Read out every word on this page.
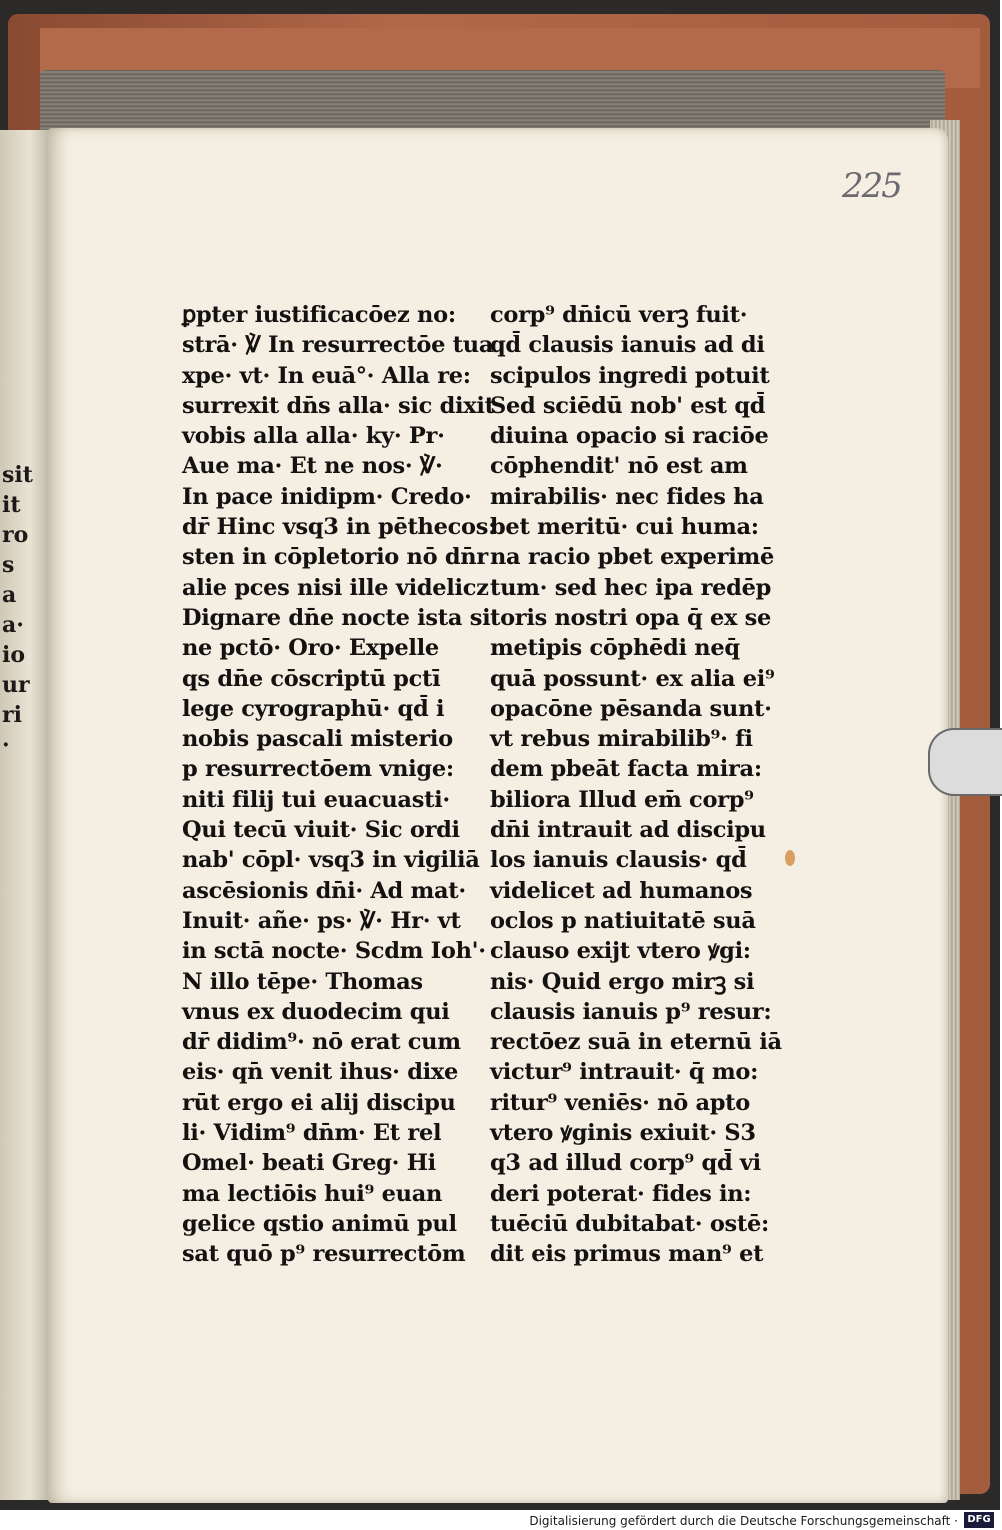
sit
it
ro
s
a
a·
io
ur
ri
·
225
ꝑpter iustificacōez no:
strā· ℣ In resurrectōe tua
xpe· vt· In euā°· Alla re:
surrexit dn̄s alla· sic dixit
vobis alla alla· ky· Pr·
Aue ma· Et ne nos· ℣·
In pace inidipm· Credo·
dr̄ Hinc vsq3 in pēthecos:
sten in cōpletorio nō dn̄r
alie pces nisi ille videlicz
Dignare dn̄e nocte ista si
ne pctō· Oro· Expelle
qs dn̄e cōscriptū pctī
lege cyrographū· qd̄ i
nobis pascali misterio
p resurrectōem vnige:
niti filij tui euacuasti·
Qui tecū viuit· Sic ordi
nab' cōpl· vsq3 in vigiliā
ascēsionis dn̄i· Ad mat·
Inuit· añe· ps· ℣· Hr· vt
in sctā nocte· Scdm Ioh'·
N illo tēpe· Thomas
vnus ex duodecim qui
dr̄ didim⁹· nō erat cum
eis· qn̄ venit ihus· dixe
rūt ergo ei alij discipu
li· Vidim⁹ dn̄m· Et rel
Omel· beati Greg· Hi
ma lectiōis hui⁹ euan
gelice qstio animū pul
sat quō p⁹ resurrectōm
corp⁹ dn̄icū verꝫ fuit·
qd̄ clausis ianuis ad di
scipulos ingredi potuit
Sed sciēdū nob' est qd̄
diuina opacio si raciōe
cōphendit' nō est am
mirabilis· nec fides ha
bet meritū· cui huma:
na racio pbet experimē
tum· sed hec ipa redēp
toris nostri opa q̄ ex se
metipis cōphēdi neq̄
quā possunt· ex alia ei⁹
opacōne pēsanda sunt·
vt rebus mirabilib⁹· fi
dem pbeāt facta mira:
biliora Illud em̄ corp⁹
dn̄i intrauit ad discipu
los ianuis clausis· qd̄
videlicet ad humanos
oclos p natiuitatē suā
clauso exijt vtero ꝟgi:
nis· Quid ergo mirꝫ si
clausis ianuis p⁹ resur:
rectōez suā in eternū iā
victur⁹ intrauit· q̄ mo:
ritur⁹ veniēs· nō apto
vtero ꝟginis exiuit· S3
q3 ad illud corp⁹ qd̄ vi
deri poterat· fides in:
tuēciū dubitabat· ostē:
dit eis primus man⁹ et
Digitalisierung gefördert durch die Deutsche Forschungsgemeinschaft · DFG
